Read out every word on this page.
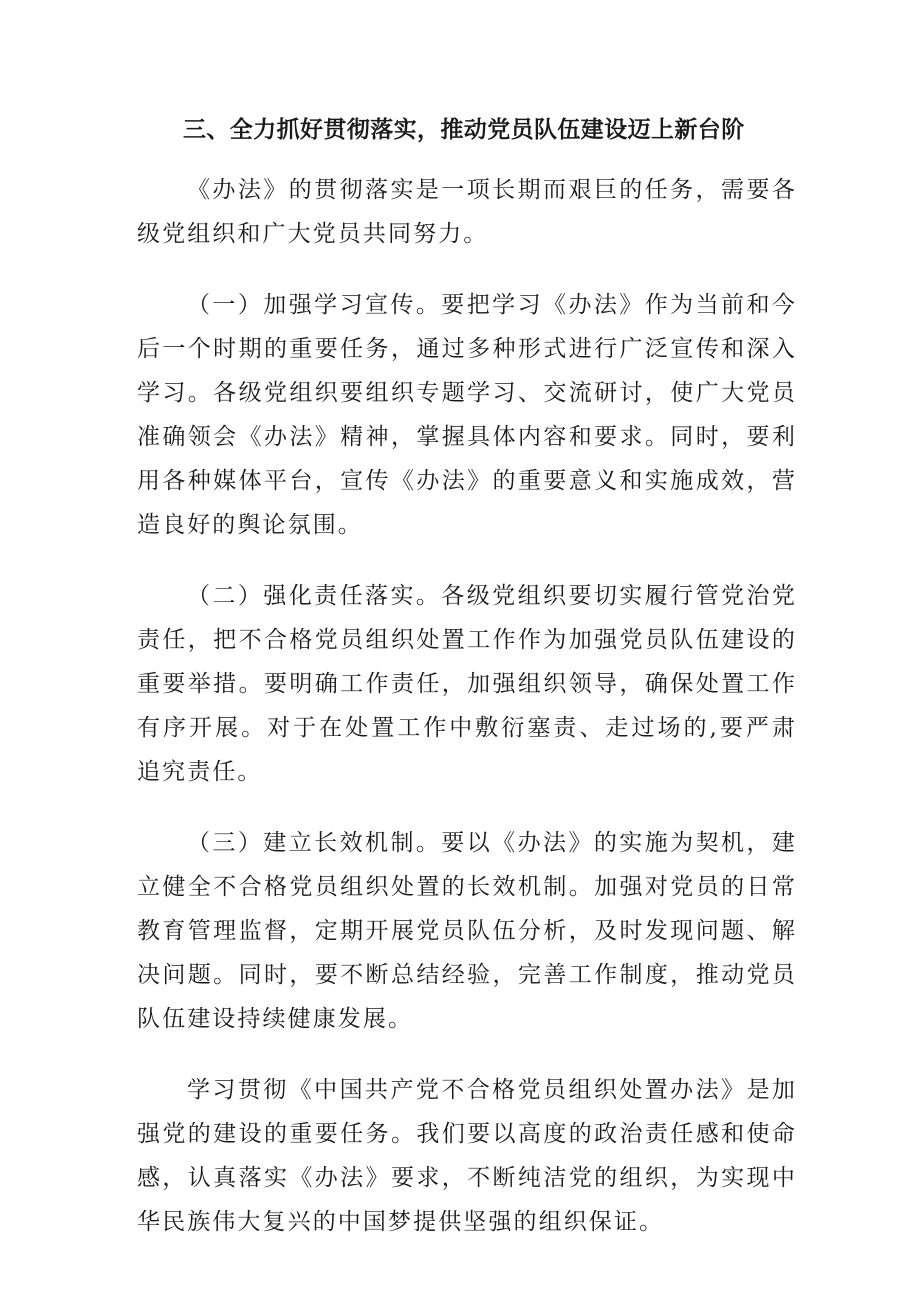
三、全力抓好贯彻落实，推动党员队伍建设迈上新台阶

《办法》的贯彻落实是一项长期而艰巨的任务，需要各级党组织和广大党员共同努力。

（一）加强学习宣传。要把学习《办法》作为当前和今后一个时期的重要任务，通过多种形式进行广泛宣传和深入学习。各级党组织要组织专题学习、交流研讨，使广大党员准确领会《办法》精神，掌握具体内容和要求。同时，要利用各种媒体平台，宣传《办法》的重要意义和实施成效，营造良好的舆论氛围。

（二）强化责任落实。各级党组织要切实履行管党治党责任，把不合格党员组织处置工作作为加强党员队伍建设的重要举措。要明确工作责任，加强组织领导，确保处置工作有序开展。对于在处置工作中敷衍塞责、走过场的,要严肃追究责任。

（三）建立长效机制。要以《办法》的实施为契机，建立健全不合格党员组织处置的长效机制。加强对党员的日常教育管理监督，定期开展党员队伍分析，及时发现问题、解决问题。同时，要不断总结经验，完善工作制度，推动党员队伍建设持续健康发展。

学习贯彻《中国共产党不合格党员组织处置办法》是加强党的建设的重要任务。我们要以高度的政治责任感和使命感，认真落实《办法》要求，不断纯洁党的组织，为实现中华民族伟大复兴的中国梦提供坚强的组织保证。
